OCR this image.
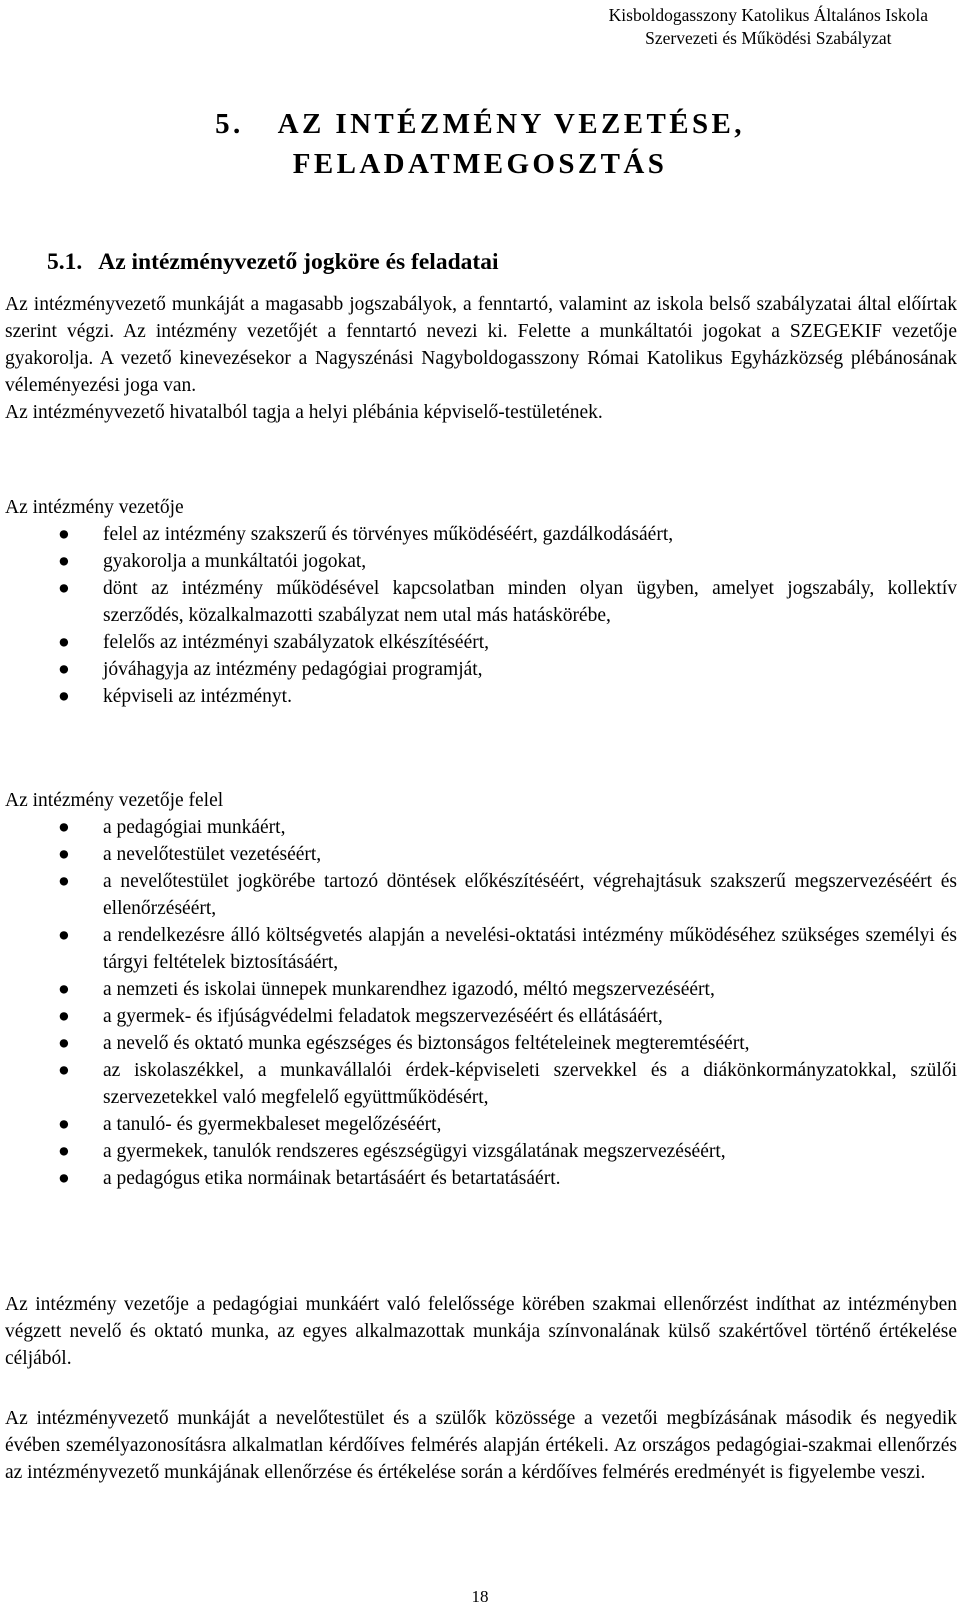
Kisboldogasszony Katolikus Általános Iskola
Szervezeti és Működési Szabályzat
5. AZ INTÉZMÉNY VEZETÉSE,
FELADATMEGOSZTÁS
5.1. Az intézményvezető jogköre és feladatai

Az intézményvezető munkáját a magasabb jogszabályok, a fenntartó, valamint az iskola belső szabályzatai által előírtak szerint végzi. Az intézmény vezetőjét a fenntartó nevezi ki. Felette a munkáltatói jogokat a SZEGEKIF vezetője gyakorolja. A vezető kinevezésekor a Nagyszénási Nagyboldogasszony Római Katolikus Egyházközség plébánosának véleményezési joga van.

Az intézményvezető hivatalból tagja a helyi plébánia képviselő-testületének.

Az intézmény vezetője

● felel az intézmény szakszerű és törvényes működéséért, gazdálkodásáért,
● gyakorolja a munkáltatói jogokat,
● dönt az intézmény működésével kapcsolatban minden olyan ügyben, amelyet jogszabály, kollektív szerződés, közalkalmazotti szabályzat nem utal más hatáskörébe,
● felelős az intézményi szabályzatok elkészítéséért,
● jóváhagyja az intézmény pedagógiai programját,
● képviseli az intézményt.

Az intézmény vezetője felel

● a pedagógiai munkáért,
● a nevelőtestület vezetéséért,
● a nevelőtestület jogkörébe tartozó döntések előkészítéséért, végrehajtásuk szakszerű megszervezéséért és ellenőrzéséért,
● a rendelkezésre álló költségvetés alapján a nevelési-oktatási intézmény működéséhez szükséges személyi és tárgyi feltételek biztosításáért,
● a nemzeti és iskolai ünnepek munkarendhez igazodó, méltó megszervezéséért,
● a gyermek- és ifjúságvédelmi feladatok megszervezéséért és ellátásáért,
● a nevelő és oktató munka egészséges és biztonságos feltételeinek megteremtéséért,
● az iskolaszékkel, a munkavállalói érdek-képviseleti szervekkel és a diákönkormányzatokkal, szülői szervezetekkel való megfelelő együttműködésért,
● a tanuló- és gyermekbaleset megelőzéséért,
● a gyermekek, tanulók rendszeres egészségügyi vizsgálatának megszervezéséért,
● a pedagógus etika normáinak betartásáért és betartatásáért.

Az intézmény vezetője a pedagógiai munkáért való felelőssége körében szakmai ellenőrzést indíthat az intézményben végzett nevelő és oktató munka, az egyes alkalmazottak munkája színvonalának külső szakértővel történő értékelése céljából.

Az intézményvezető munkáját a nevelőtestület és a szülők közössége a vezetői megbízásának második és negyedik évében személyazonosításra alkalmatlan kérdőíves felmérés alapján értékeli. Az országos pedagógiai-szakmai ellenőrzés az intézményvezető munkájának ellenőrzése és értékelése során a kérdőíves felmérés eredményét is figyelembe veszi.

18
